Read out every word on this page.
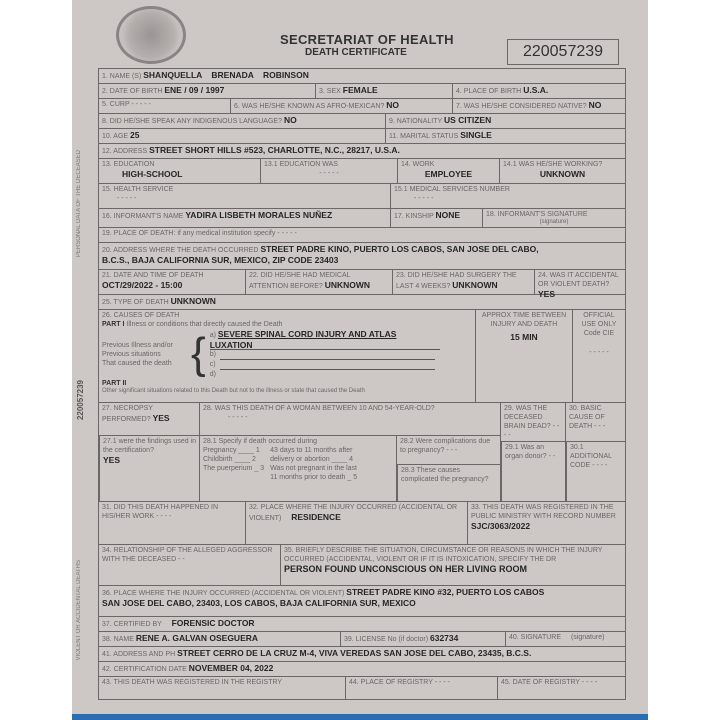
SECRETARIAT OF HEALTH
DEATH CERTIFICATE	220057239
PERSONAL DATA OF THE DECEASED
220057239
VIOLENT OR ACCIDENTAL DEATHS
1. NAME (S) SHANQUELLA    BRENADA    ROBINSON
2. DATE OF BIRTH ENE / 09 / 1997	3. SEX FEMALE	4. PLACE OF BIRTH U.S.A.
5. CURP - - - - -	6. WAS HE/SHE KNOWN AS AFRO-MEXICAN? NO	7. WAS HE/SHE CONSIDERED NATIVE? NO
8. DID HE/SHE SPEAK ANY INDIGENOUS LANGUAGE? NO	9. NATIONALITY US CITIZEN
10. AGE 25	11. MARITAL STATUS SINGLE
12. ADDRESS STREET SHORT HILLS #523, CHARLOTTE, N.C., 28217, U.S.A.
13. EDUCATION
HIGH-SCHOOL
13.1 EDUCATION WAS
- - - - -
14. WORK
EMPLOYEE
14.1 WAS HE/SHE WORKING?
UNKNOWN
15. HEALTH SERVICE
- - - - -
15.1 MEDICAL SERVICES NUMBER
- - - - -
16. INFORMANT'S NAME YADIRA LISBETH MORALES NUÑEZ	17. KINSHIP NONE	18. INFORMANT'S SIGNATURE
(signature)
19. PLACE OF DEATH: if any medical institution specify - - - - -
20. ADDRESS WHERE THE DEATH OCCURRED STREET PADRE KINO, PUERTO LOS CABOS, SAN JOSE DEL CABO,
B.C.S., BAJA CALIFORNIA SUR, MEXICO, ZIP CODE 23403
21. DATE AND TIME OF DEATH
OCT/29/2022 - 15:00
22. DID HE/SHE HAD MEDICAL ATTENTION BEFORE? UNKNOWN
23. DID HE/SHE HAD SURGERY THE LAST 4 WEEKS? UNKNOWN
24. WAS IT ACCIDENTAL OR VIOLENT DEATH? YES
25. TYPE OF DEATH UNKNOWN
26. CAUSES OF DEATH
PART I Illness or conditions that directly caused the Death
Previous Illness and/or
Previous situations
That caused the death { a) SEVERE SPINAL CORD INJURY AND ATLAS
LUXATION
b)
c)
d)
PART II
Other significant situations related to this Death but not to the illness or state that caused the Death
APPROX TIME BETWEEN INJURY AND DEATH
15 MIN
OFFICIAL USE ONLY Code CIE
- - - - -
27. NECROPSY PERFORMED? YES
27.1 were the findings used in the certification?
YES
28. WAS THIS DEATH OF A WOMAN BETWEEN 10 AND 54-YEAR-OLD?
- - - - -
28.1 Specify if death occurred during
Pregnancy ____ 1
Childbirth ____ 2
The puerperium _ 3
43 days to 11 months after
delivery or abortion ____ 4
Was not pregnant in the last
11 months prior to death _ 5
28.2 Were complications due to pregnancy? - - -
28.3 These causes complicated the pregnancy?
29. WAS THE DECEASED BRAIN DEAD? - - - -
29.1 Was an organ donor? - -
30. BASIC CAUSE OF DEATH - - -
30.1 ADDITIONAL CODE - - - -
31. DID THIS DEATH HAPPENED IN HIS/HER WORK - - - -
32. PLACE WHERE THE INJURY OCCURRED (ACCIDENTAL OR VIOLENT) RESIDENCE
33. THIS DEATH WAS REGISTERED IN THE PUBLIC MINISTRY WITH RECORD NUMBER
SJC/3063/2022
34. RELATIONSHIP OF THE ALLEGED AGGRESSOR WITH THE DECEASED - -
35. BRIEFLY DESCRIBE THE SITUATION, CIRCUMSTANCE OR REASONS IN WHICH THE INJURY OCCURRED (ACCIDENTAL, VIOLENT OR IF IT IS INTOXICATION, SPECIFY THE DR
PERSON FOUND UNCONSCIOUS ON HER LIVING ROOM
36. PLACE WHERE THE INJURY OCCURRED (ACCIDENTAL OR VIOLENT) STREET PADRE KINO #32, PUERTO LOS CABOS
SAN JOSE DEL CABO, 23403, LOS CABOS, BAJA CALIFORNIA SUR, MEXICO
37. CERTIFIED BY FORENSIC DOCTOR
38. NAME RENE A. GALVAN OSEGUERA	39. LICENSE No (if doctor) 632734	40. SIGNATURE (signature)
41. ADDRESS AND PH STREET CERRO DE LA CRUZ M-4, VIVA VEREDAS SAN JOSE DEL CABO, 23435, B.C.S.
42. CERTIFICATION DATE NOVEMBER 04, 2022
43. THIS DEATH WAS REGISTERED IN THE REGISTRY	44. PLACE OF REGISTRY - - - -	45. DATE OF REGISTRY - - - -
